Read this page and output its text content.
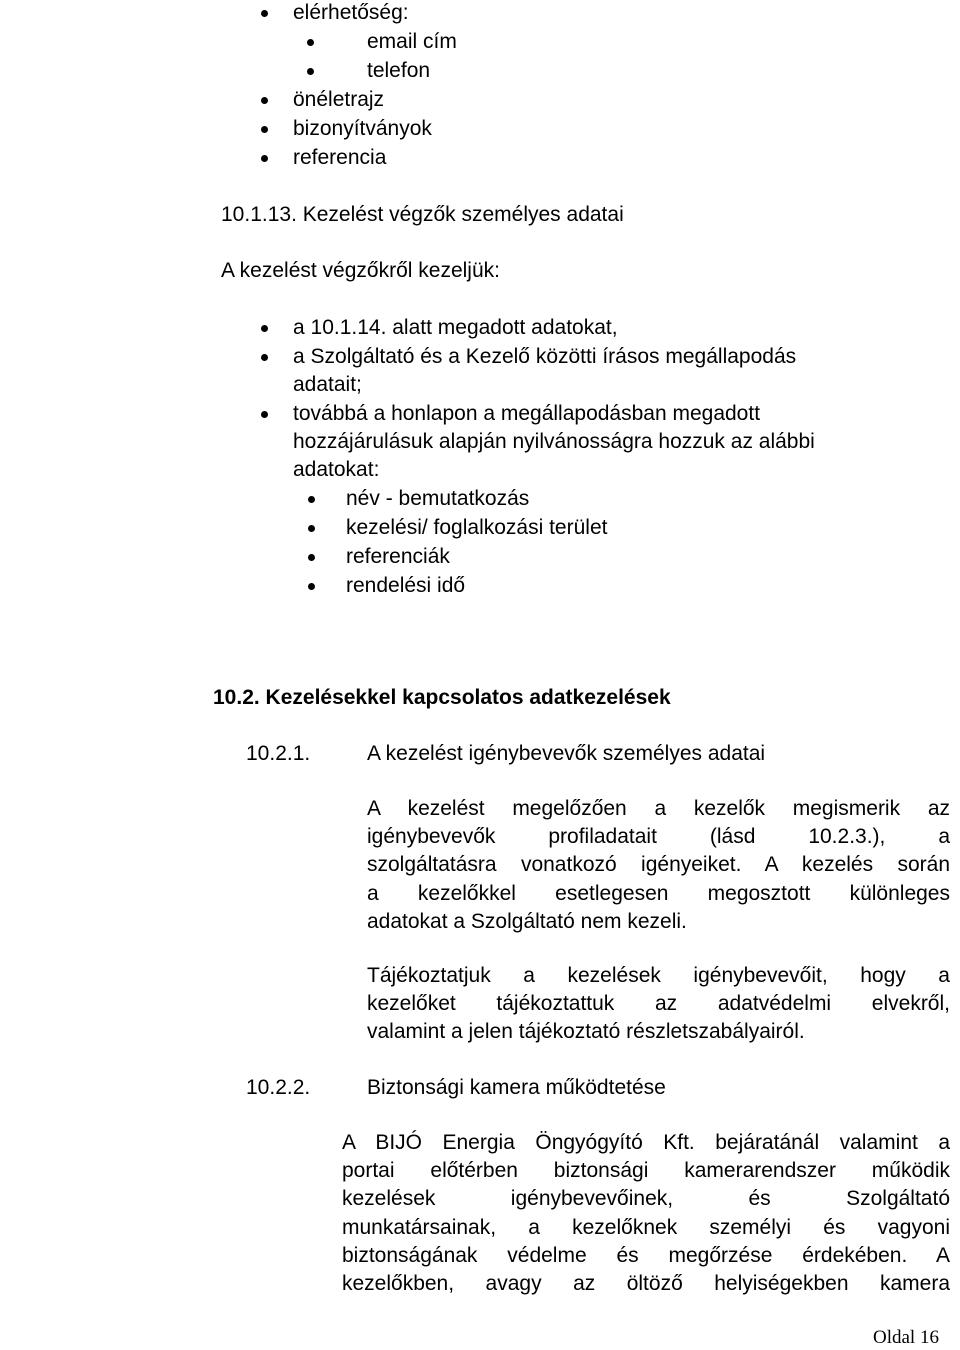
elérhetőség:
email cím
telefon
önéletrajz
bizonyítványok
referencia
10.1.13. Kezelést végzők személyes adatai
A kezelést végzőkről kezeljük:
a 10.1.14. alatt megadott adatokat,
a Szolgáltató és a Kezelő közötti írásos megállapodás
adatait;
továbbá a honlapon a megállapodásban megadott
hozzájárulásuk alapján nyilvánosságra hozzuk az alábbi
adatokat:
név - bemutatkozás
kezelési/ foglalkozási terület
referenciák
rendelési idő
10.2. Kezelésekkel kapcsolatos adatkezelések
10.2.1.	A kezelést igénybevevők személyes adatai
A kezelést megelőzően a kezelők megismerik az
igénybevevők profiladatait (lásd 10.2.3.), a
szolgáltatásra vonatkozó igényeiket. A kezelés során
a kezelőkkel esetlegesen megosztott különleges
adatokat a Szolgáltató nem kezeli.
Tájékoztatjuk a kezelések igénybevevőit, hogy a
kezelőket tájékoztattuk az adatvédelmi elvekről,
valamint a jelen tájékoztató részletszabályairól.
10.2.2.	Biztonsági kamera működtetése
A BIJÓ Energia Öngyógyító Kft. bejáratánál valamint a
portai előtérben biztonsági kamerarendszer működik
kezelések igénybevevőinek, és Szolgáltató
munkatársainak, a kezelőknek személyi és vagyoni
biztonságának védelme és megőrzése érdekében. A
kezelőkben, avagy az öltöző helyiségekben kamera
Oldal 16
